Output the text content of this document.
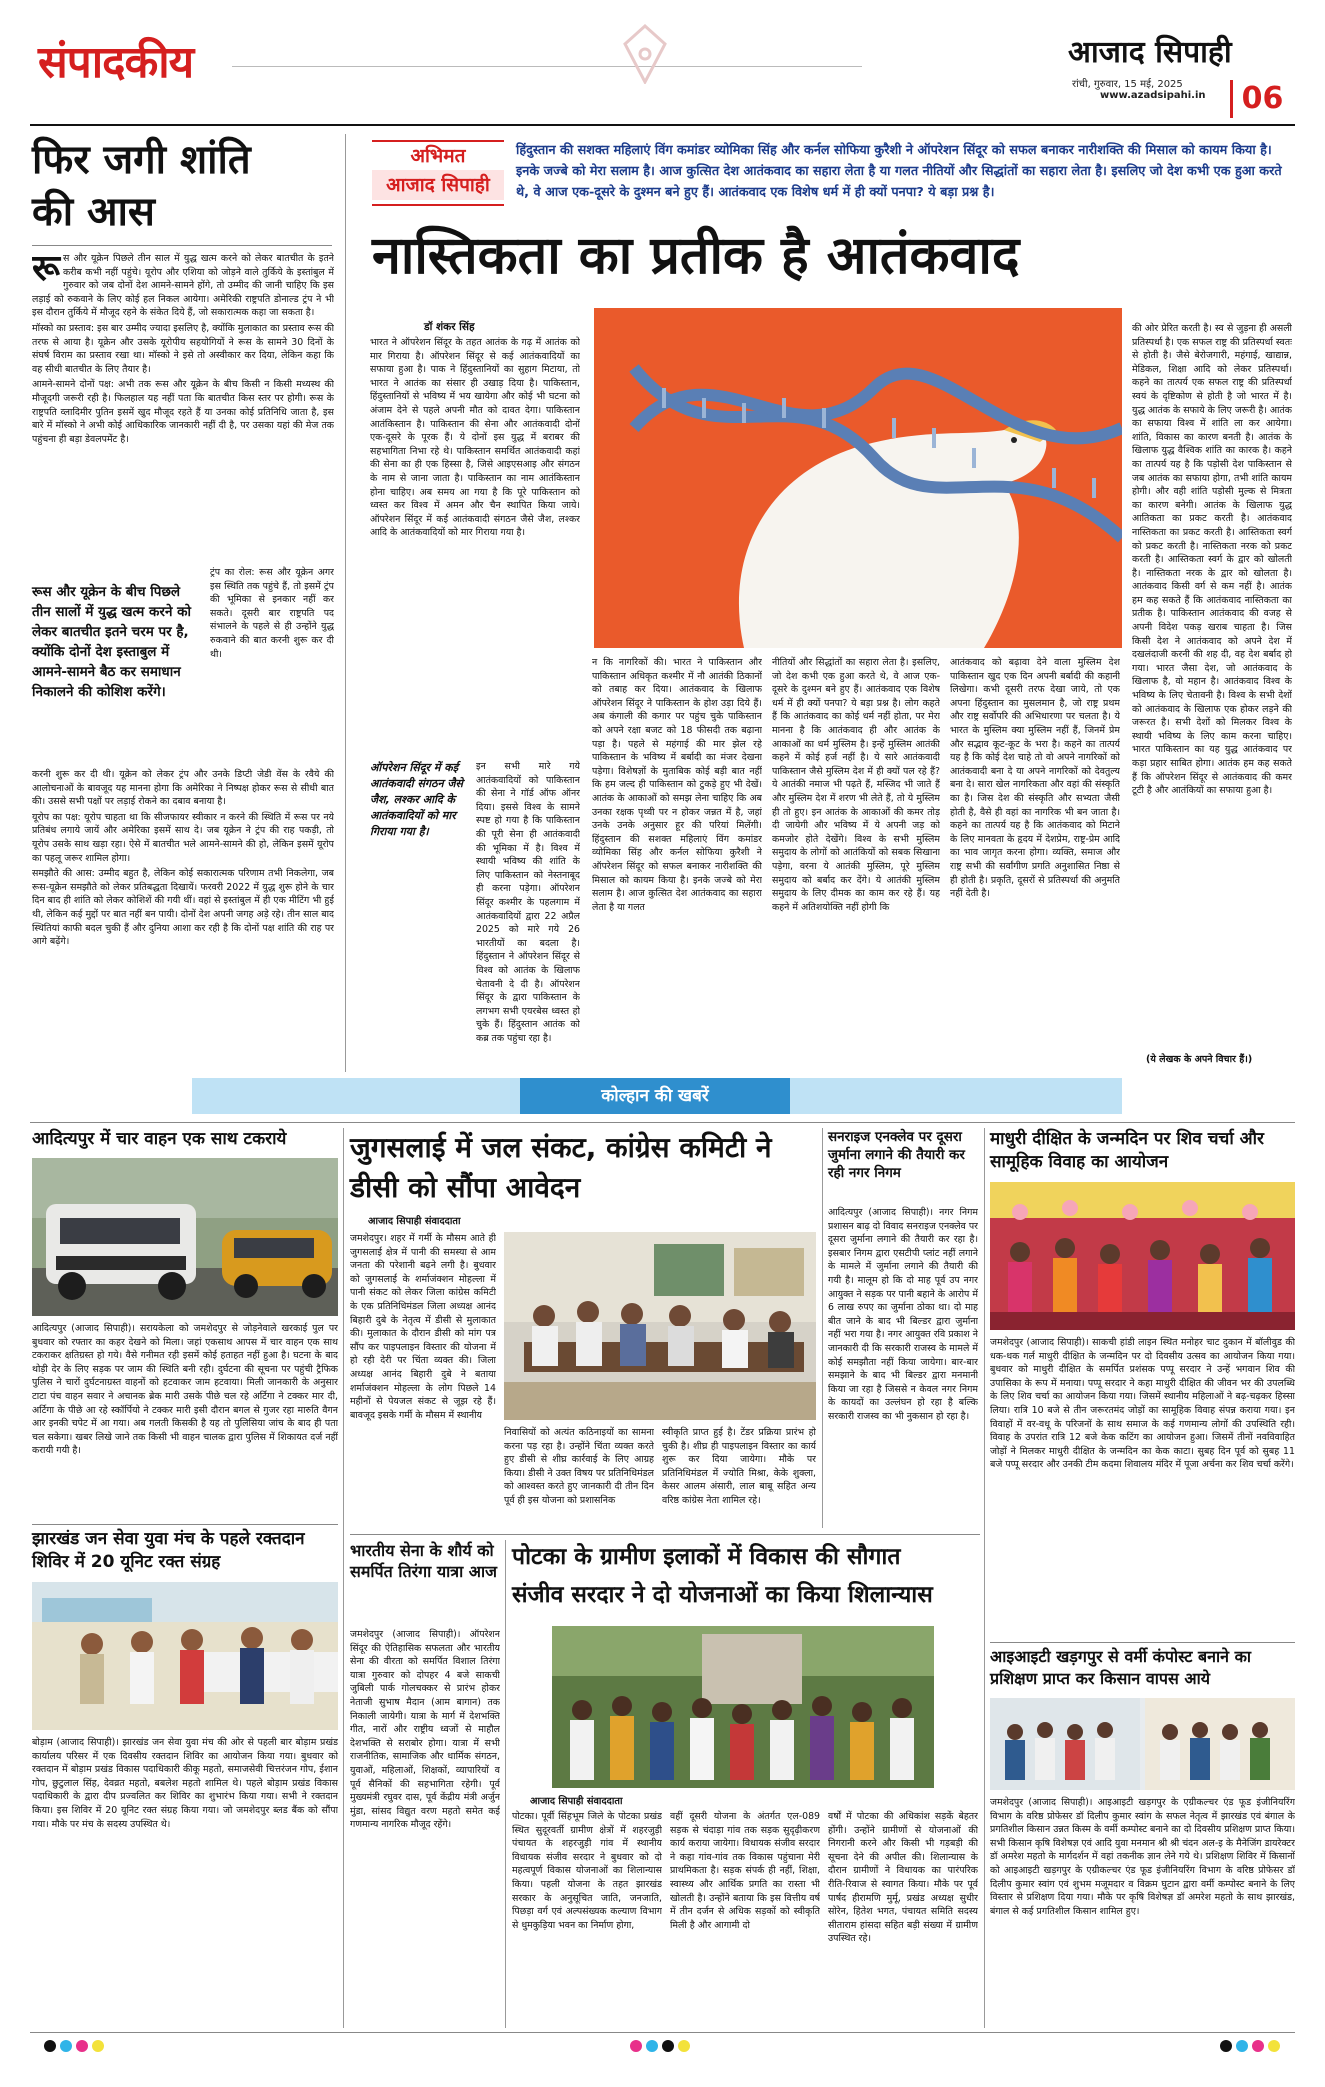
संपादकीय	आजाद सिपाही
रांची, गुरुवार, 15 मई, 2025
www.azadsipahi.in	06
फिर जगी शांति
की आस
रू स और यूक्रेन पिछले तीन साल में युद्ध खत्म करने को लेकर बातचीत के इतने करीब कभी नहीं पहुंचे। यूरोप और एशिया को जोड़ने वाले तुर्किये के इस्तांबुल में गुरुवार को जब दोनों देश आमने-सामने होंगे, तो उम्मीद की जानी चाहिए कि इस लड़ाई को रुकवाने के लिए कोई हल निकल आयेगा। अमेरिकी राष्ट्रपति डोनाल्ड ट्रंप ने भी इस दौरान तुर्किये में मौजूद रहने के संकेत दिये हैं, जो सकारात्मक कहा जा सकता है।

मॉस्को का प्रस्ताव: इस बार उम्मीद ज्यादा इसलिए है, क्योंकि मुलाकात का प्रस्ताव रूस की तरफ से आया है। यूक्रेन और उसके यूरोपीय सहयोगियों ने रूस के सामने 30 दिनों के संघर्ष विराम का प्रस्ताव रखा था। मॉस्को ने इसे तो अस्वीकार कर दिया, लेकिन कहा कि वह सीधी बातचीत के लिए तैयार है।

आमने-सामने दोनों पक्ष: अभी तक रूस और यूक्रेन के बीच किसी न किसी मध्यस्थ की मौजूदगी जरूरी रही है। फिलहाल यह नहीं पता कि बातचीत किस स्तर पर होगी। रूस के राष्ट्रपति व्लादिमीर पुतिन इसमें खुद मौजूद रहते हैं या उनका कोई प्रतिनिधि जाता है, इस बारे में मॉस्को ने अभी कोई आधिकारिक जानकारी नहीं दी है, पर उसका यहां की मेज तक पहुंचना ही बड़ा डेवलपमेंट है।

रूस और यूक्रेन के बीच पिछले तीन सालों में युद्ध खत्म करने को लेकर बातचीत इतने चरम पर है, क्योंकि दोनों देश इस्ताबुल में आमने-सामने बैठ कर समाधान निकालने की कोशिश करेंगे।

ट्रंप का रोल: रूस और यूक्रेन अगर इस स्थिति तक पहुंचे हैं, तो इसमें ट्रंप की भूमिका से इनकार नहीं कर सकते। दूसरी बार राष्ट्रपति पद संभालने के पहले से ही उन्होंने युद्ध रुकवाने की बात करनी शुरू कर दी थी।

करनी शुरू कर दी थी। यूक्रेन को लेकर ट्रंप और उनके डिप्टी जेडी वेंस के रवैये की आलोचनाओं के बावजूद यह मानना होगा कि अमेरिका ने निष्पक्ष होकर रूस से सीधी बात की। उससे सभी पक्षों पर लड़ाई रोकने का दबाव बनाया है।

यूरोप का पक्ष: यूरोप चाहता था कि सीजफायर स्वीकार न करने की स्थिति में रूस पर नये प्रतिबंध लगाये जायें और अमेरिका इसमें साथ दे। जब यूक्रेन ने ट्रंप की राह पकड़ी, तो यूरोप उसके साथ खड़ा रहा। ऐसे में बातचीत भले आमने-सामने की हो, लेकिन इसमें यूरोप का पहलू जरूर शामिल होगा।

समझौते की आस: उम्मीद बहुत है, लेकिन कोई सकारात्मक परिणाम तभी निकलेगा, जब रूस-यूक्रेन समझौते को लेकर प्रतिबद्धता दिखायें। फरवरी 2022 में युद्ध शुरू होने के चार दिन बाद ही शांति को लेकर कोशिशें की गयी थीं। वहां से इस्तांबुल में ही एक मीटिंग भी हुई थी, लेकिन कई मुद्दों पर बात नहीं बन पायी। दोनों देश अपनी जगह अड़े रहे। तीन साल बाद स्थितियां काफी बदल चुकी हैं और दुनिया आशा कर रही है कि दोनों पक्ष शांति की राह पर आगे बढ़ेंगे।

अभिमत
आजाद सिपाही
हिंदुस्तान की सशक्त महिलाएं विंग कमांडर व्योमिका सिंह और कर्नल सोफिया कुरैशी ने ऑपरेशन सिंदूर को सफल बनाकर नारीशक्ति की मिसाल को कायम किया है। इनके जज्बे को मेरा सलाम है। आज कुत्सित देश आतंकवाद का सहारा लेता है या गलत नीतियों और सिद्धांतों का सहारा लेता है। इसलिए जो देश कभी एक हुआ करते थे, वे आज एक-दूसरे के दुश्मन बने हुए हैं। आतंकवाद एक विशेष धर्म में ही क्यों पनपा? ये बड़ा प्रश्न है।
नास्तिकता का प्रतीक है आतंकवाद
डॉ शंकर सिंह

भारत ने ऑपरेशन सिंदूर के तहत आतंक के गढ़ में आतंक को मार गिराया है। ऑपरेशन सिंदूर से कई आतंकवादियों का सफाया हुआ है। पाक ने हिंदुस्तानियों का सुहाग मिटाया, तो भारत ने आतंक का संसार ही उखाड़ दिया है। पाकिस्तान, हिंदुस्तानियों से भविष्य में भय खायेगा और कोई भी घटना को अंजाम देने से पहले अपनी मौत को दावत देगा। पाकिस्तान आतंकिस्तान है। पाकिस्तान की सेना और आतंकवादी दोनों एक-दूसरे के पूरक हैं। ये दोनों इस युद्ध में बराबर की सहभागिता निभा रहे थे। पाकिस्तान समर्थित आतंकवादी कहां की सेना का ही एक हिस्सा है, जिसे आइएसआइ और संगठन के नाम से जाना जाता है। पाकिस्तान का नाम आतंकिस्तान होना चाहिए। अब समय आ गया है कि पूरे पाकिस्तान को ध्वस्त कर विश्व में अमन और चैन स्थापित किया जाये। ऑपरेशन सिंदूर में कई आतंकवादी संगठन जैसे जैश, लश्कर आदि के आतंकवादियों को मार गिराया गया है।

ऑपरेशन सिंदूर में कई आतंकवादी संगठन जैसे जैश, लश्कर आदि के आतंकवादियों को मार गिराया गया है।

इन सभी मारे गये आतंकवादियों को पाकिस्तान की सेना ने गॉर्ड ऑफ ऑनर दिया। इससे विश्व के सामने स्पष्ट हो गया है कि पाकिस्तान की पूरी सेना ही आतंकवादी की भूमिका में है। विश्व में स्थायी भविष्य की शांति के लिए पाकिस्तान को नेस्तनाबूद ही करना पड़ेगा। ऑपरेशन सिंदूर कश्मीर के पहलगाम में आतंकवादियों द्वारा 22 अप्रैल 2025 को मारे गये 26 भारतीयों का बदला है। हिंदुस्तान ने ऑपरेशन सिंदूर से विश्व को आतंक के खिलाफ चेतावनी दे दी है। ऑपरेशन सिंदूर के द्वारा पाकिस्तान के लगभग सभी एयरबेस ध्वस्त हो चुके हैं। हिंदुस्तान आतंक को कब्र तक पहुंचा रहा है।

न कि नागरिकों की। भारत ने पाकिस्तान और पाकिस्तान अधिकृत कश्मीर में नौ आतंकी ठिकानों को तबाह कर दिया। आतंकवाद के खिलाफ ऑपरेशन सिंदूर ने पाकिस्तान के होश उड़ा दिये हैं। अब कंगाली की कगार पर पहुंच चुके पाकिस्तान को अपने रक्षा बजट को 18 फीसदी तक बढ़ाना पड़ा है। पहले से महंगाई की मार झेल रहे पाकिस्तान के भविष्य में बर्बादी का मंजर देखना पड़ेगा। विशेषज्ञों के मुताबिक कोई बड़ी बात नहीं कि हम जल्द ही पाकिस्तान को टुकड़े हुए भी देखें। आतंक के आकाओं को समझ लेना चाहिए कि अब उनका रक्षक पृथ्वी पर न होकर जन्नत में है, जहां उनके उनके अनुसार हूर की परियां मिलेंगी। हिंदुस्तान की सशक्त महिलाएं विंग कमांडर व्योमिका सिंह और कर्नल सोफिया कुरैशी ने ऑपरेशन सिंदूर को सफल बनाकर नारीशक्ति की मिसाल को कायम किया है। इनके जज्बे को मेरा सलाम है। आज कुत्सित देश आतंकवाद का सहारा लेता है या गलत

नीतियों और सिद्धांतों का सहारा लेता है। इसलिए, जो देश कभी एक हुआ करते थे, वे आज एक-दूसरे के दुश्मन बने हुए हैं। आतंकवाद एक विशेष धर्म में ही क्यों पनपा? ये बड़ा प्रश्न है। लोग कहते हैं कि आतंकवाद का कोई धर्म नहीं होता, पर मेरा मानना है कि आतंकवाद ही और आतंक के आकाओं का धर्म मुस्लिम है। इन्हें मुस्लिम आतंकी कहने में कोई हर्ज नहीं है। ये सारे आतंकवादी पाकिस्तान जैसे मुस्लिम देश में ही क्यों पल रहे हैं? ये आतंकी नमाज भी पढ़ते हैं, मस्जिद भी जाते हैं और मुस्लिम देश में शरण भी लेते हैं, तो ये मुस्लिम ही तो हुए। इन आतंक के आकाओं की कमर तोड़ दी जायेगी और भविष्य में ये अपनी जड़ को कमजोर होते देखेंगे। विश्व के सभी मुस्लिम समुदाय के लोगों को आतंकियों को सबक सिखाना पड़ेगा, वरना ये आतंकी मुस्लिम, पूरे मुस्लिम समुदाय को बर्बाद कर देंगे। ये आतंकी मुस्लिम समुदाय के लिए दीमक का काम कर रहे हैं। यह कहने में अतिशयोक्ति नहीं होगी कि

आतंकवाद को बढ़ावा देने वाला मुस्लिम देश पाकिस्तान खुद एक दिन अपनी बर्बादी की कहानी लिखेगा। कभी दूसरी तरफ देखा जाये, तो एक अपना हिंदुस्तान का मुसलमान है, जो राष्ट्र प्रथम और राष्ट्र सर्वोपरि की अभिधारणा पर चलता है। ये भारत के मुस्लिम क्या मुस्लिम नहीं हैं, जिनमें प्रेम और सद्भाव कूट-कूट के भरा है। कहने का तात्पर्य यह है कि कोई देश चाहे तो वो अपने नागरिकों को आतंकवादी बना दे या अपने नागरिकों को देवतुल्य बना दे। सारा खेल नागरिकता और वहां की संस्कृति का है। जिस देश की संस्कृति और सभ्यता जैसी होती है, वैसे ही वहां का नागरिक भी बन जाता है। कहने का तात्पर्य यह है कि आतंकवाद को मिटाने के लिए मानवता के हृदय में देशप्रेम, राष्ट्र-प्रेम आदि का भाव जागृत करना होगा। व्यक्ति, समाज और राष्ट्र सभी की सर्वांगीण प्रगति अनुशासित निष्ठा से ही होती है। प्रकृति, दूसरों से प्रतिस्पर्धा की अनुमति नहीं देती है।

की ओर प्रेरित करती है। स्व से जुड़ना ही असली प्रतिस्पर्धा है। एक सफल राष्ट्र की प्रतिस्पर्धा स्वतः से होती है। जैसे बेरोजगारी, महंगाई, खाद्यान्न, मेडिकल, शिक्षा आदि को लेकर प्रतिस्पर्धा। कहने का तात्पर्य एक सफल राष्ट्र की प्रतिस्पर्धा स्वयं के दृष्टिकोण से होती है जो भारत में है। युद्ध आतंक के सफाये के लिए जरूरी है। आतंक का सफाया विश्व में शांति ला कर आयेगा। शांति, विकास का कारण बनती है। आतंक के खिलाफ युद्ध वैश्विक शांति का कारक है। कहने का तात्पर्य यह है कि पड़ोसी देश पाकिस्तान से जब आतंक का सफाया होगा, तभी शांति कायम होगी। और वही शांति पड़ोसी मुल्क से मित्रता का कारण बनेगी। आतंक के खिलाफ युद्ध आतिकता का प्रकट करती है। आतंकवाद नास्तिकता का प्रकट करती है। आस्तिकता स्वर्ग को प्रकट करती है। नास्तिकता नरक को प्रकट करती है। आस्तिकता स्वर्ग के द्वार को खोलती है। नास्तिकता नरक के द्वार को खोलता है। आतंकवाद किसी वर्ग से कम नहीं है। आतंक हम कह सकते हैं कि आतंकवाद नास्तिकता का प्रतीक है। पाकिस्तान आतंकवाद की वजह से अपनी विदेश पकड़ खराब चाहता है। जिस किसी देश ने आतंकवाद को अपने देश में दखलंदाजी करनी की शह दी, वह देश बर्बाद हो गया। भारत जैसा देश, जो आतंकवाद के खिलाफ है, वो महान है। आतंकवाद विश्व के भविष्य के लिए चेतावनी है। विश्व के सभी देशों को आतंकवाद के खिलाफ एक होकर लड़ने की जरूरत है। सभी देशों को मिलकर विश्व के स्थायी भविष्य के लिए काम करना चाहिए। भारत पाकिस्तान का यह युद्ध आतंकवाद पर कड़ा प्रहार साबित होगा। आतंक हम कह सकते हैं कि ऑपरेशन सिंदूर से आतंकवाद की कमर टूटी है और आतंकियों का सफाया हुआ है।

(ये लेखक के अपने विचार हैं।)
कोल्हान की खबरें
आदित्यपुर में चार वाहन एक साथ टकराये

आदित्यपुर (आजाद सिपाही)। सरायकेला को जमशेदपुर से जोड़नेवाले खरकाई पुल पर बुधवार को रफ्तार का कहर देखने को मिला। जहां एकसाथ आपस में चार वाहन एक साथ टकराकर क्षतिग्रस्त हो गये। वैसे गनीमत रही इसमें कोई हताहत नहीं हुआ है। घटना के बाद थोड़ी देर के लिए सड़क पर जाम की स्थिति बनी रही। दुर्घटना की सूचना पर पहुंची ट्रैफिक पुलिस ने चारों दुर्घटनाग्रस्त वाहनों को हटवाकर जाम हटवाया। मिली जानकारी के अनुसार टाटा पंच वाहन सवार ने अचानक ब्रेक मारी उसके पीछे चल रहे अर्टिगा ने टक्कर मार दी, अर्टिगा के पीछे आ रहे स्कॉर्पियो ने टक्कर मारी इसी दौरान बगल से गुजर रहा मारुति वैगन आर इनकी चपेट में आ गया। अब गलती किसकी है यह तो पुलिसिया जांच के बाद ही पता चल सकेगा। खबर लिखे जाने तक किसी भी वाहन चालक द्वारा पुलिस में शिकायत दर्ज नहीं करायी गयी है।

झारखंड जन सेवा युवा मंच के पहले रक्तदान शिविर में 20 यूनिट रक्त संग्रह

बोड़ाम (आजाद सिपाही)। झारखंड जन सेवा युवा मंच की ओर से पहली बार बोड़ाम प्रखंड कार्यालय परिसर में एक दिवसीय रक्तदान शिविर का आयोजन किया गया। बुधवार को रक्तदान में बोड़ाम प्रखंड विकास पदाधिकारी कीकू महतो, समाजसेवी चित्तरंजन गोप, ईशान गोप, छुटुलाल सिंह, देवव्रत महतो, बबलेश महतो शामिल थे। पहले बोड़ाम प्रखंड विकास पदाधिकारी के द्वारा दीप प्रज्वलित कर शिविर का शुभारंभ किया गया। सभी ने रक्तदान किया। इस शिविर में 20 यूनिट रक्त संग्रह किया गया। जो जमशेदपुर ब्लड बैंक को सौंपा गया। मौके पर मंच के सदस्य उपस्थित थे।

जुगसलाई में जल संकट, कांग्रेस कमिटी ने डीसी को सौंपा आवेदन
आजाद सिपाही संवाददाता

जमशेदपुर। शहर में गर्मी के मौसम आते ही जुगसलाई क्षेत्र में पानी की समस्या से आम जनता की परेशानी बढ़ने लगी है। बुधवार को जुगसलाई के शर्माजंक्शन मोहल्ला में पानी संकट को लेकर जिला कांग्रेस कमिटी के एक प्रतिनिधिमंडल जिला अध्यक्ष आनंद बिहारी दुबे के नेतृत्व में डीसी से मुलाकात की। मुलाकात के दौरान डीसी को मांग पत्र सौंप कर पाइपलाइन विस्तार की योजना में हो रही देरी पर चिंता व्यक्त की। जिला अध्यक्ष आनंद बिहारी दुबे ने बताया शर्माजंक्शन मोहल्ला के लोग पिछले 14 महीनों से पेयजल संकट से जूझ रहे हैं। बावजूद इसके गर्मी के मौसम में स्थानीय

निवासियों को अत्यंत कठिनाइयों का सामना करना पड़ रहा है। उन्होंने चिंता व्यक्त करते हुए डीसी से शीघ्र कार्रवाई के लिए आग्रह किया। डीसी ने उक्त विषय पर प्रतिनिधिमंडल को आश्वस्त करते हुए जानकारी दी तीन दिन पूर्व ही इस योजना को प्रशासनिक

स्वीकृति प्राप्त हुई है। टेंडर प्रक्रिया प्रारंभ हो चुकी है। शीघ्र ही पाइपलाइन विस्तार का कार्य शुरू कर दिया जायेगा। मौके पर प्रतिनिधिमंडल में ज्योति मिश्रा, केके शुक्ला, केसर आलम अंसारी, लाल बाबू सहित अन्य वरिष्ठ कांग्रेस नेता शामिल रहे।

सनराइज एनक्लेव पर दूसरा जुर्माना लगाने की तैयारी कर रही नगर निगम

आदित्यपुर (आजाद सिपाही)। नगर निगम प्रशासन बाढ़ दो विवाद सनराइज एनक्लेव पर दूसरा जुर्माना लगाने की तैयारी कर रहा है। इसबार निगम द्वारा एसटीपी प्लांट नहीं लगाने के मामले में जुर्माना लगाने की तैयारी की गयी है। मालूम हो कि दो माह पूर्व उप नगर आयुक्त ने सड़क पर पानी बहाने के आरोप में 6 लाख रुपए का जुर्माना ठोका था। दो माह बीत जाने के बाद भी बिल्डर द्वारा जुर्माना नहीं भरा गया है। नगर आयुक्त रवि प्रकाश ने जानकारी दी कि सरकारी राजस्व के मामले में कोई समझौता नहीं किया जायेगा। बार-बार समझाने के बाद भी बिल्डर द्वारा मनमानी किया जा रहा है जिससे न केवल नगर निगम के कायदों का उल्लंघन हो रहा है बल्कि सरकारी राजस्व का भी नुकसान हो रहा है।

माधुरी दीक्षित के जन्मदिन पर शिव चर्चा और सामूहिक विवाह का आयोजन

जमशेदपुर (आजाद सिपाही)। साकची हांडी लाइन स्थित मनोहर चाट दुकान में बॉलीवुड की धक-धक गर्ल माधुरी दीक्षित के जन्मदिन पर दो दिवसीय उत्सव का आयोजन किया गया। बुधवार को माधुरी दीक्षित के समर्पित प्रशंसक पप्पू सरदार ने उन्हें भगवान शिव की उपासिका के रूप में मनाया। पप्पू सरदार ने कहा माधुरी दीक्षित की जीवन भर की उपलब्धि के लिए शिव चर्चा का आयोजन किया गया। जिसमें स्थानीय महिलाओं ने बढ़-चढ़कर हिस्सा लिया। रात्रि 10 बजे से तीन जरूरतमंद जोड़ों का सामूहिक विवाह संपन्न कराया गया। इन विवाहों में वर-वधू के परिजनों के साथ समाज के कई गणमान्य लोगों की उपस्थिति रही। विवाह के उपरांत रात्रि 12 बजे केक कटिंग का आयोजन हुआ। जिसमें तीनों नवविवाहित जोड़ों ने मिलकर माधुरी दीक्षित के जन्मदिन का केक काटा। सुबह दिन पूर्व को सुबह 11 बजे पप्पू सरदार और उनकी टीम कदमा शिवालय मंदिर में पूजा अर्चना कर शिव चर्चा करेंगे।

भारतीय सेना के शौर्य को समर्पित तिरंगा यात्रा आज

जमशेदपुर (आजाद सिपाही)। ऑपरेशन सिंदूर की ऐतिहासिक सफलता और भारतीय सेना की वीरता को समर्पित विशाल तिरंगा यात्रा गुरुवार को दोपहर 4 बजे साकची जुबिली पार्क गोलचक्कर से प्रारंभ होकर नेताजी सुभाष मैदान (आम बागान) तक निकाली जायेगी। यात्रा के मार्ग में देशभक्ति गीत, नारों और राष्ट्रीय ध्वजों से माहौल देशभक्ति से सराबोर होगा। यात्रा में सभी राजनीतिक, सामाजिक और धार्मिक संगठन, युवाओं, महिलाओं, शिक्षकों, व्यापारियों व पूर्व सैनिकों की सहभागिता रहेगी। पूर्व मुख्यमंत्री रघुवर दास, पूर्व केंद्रीय मंत्री अर्जुन मुंडा, सांसद विद्युत वरण महतो समेत कई गणमान्य नागरिक मौजूद रहेंगे।

पोटका के ग्रामीण इलाकों में विकास की सौगात
संजीव सरदार ने दो योजनाओं का किया शिलान्यास
आजाद सिपाही संवाददाता

पोटका। पूर्वी सिंहभूम जिले के पोटका प्रखंड स्थित सुदूरवर्ती ग्रामीण क्षेत्रों में शहरजुड़ी पंचायत के शहरजुड़ी गांव में स्थानीय विधायक संजीव सरदार ने बुधवार को दो महत्वपूर्ण विकास योजनाओं का शिलान्यास किया। पहली योजना के तहत झारखंड सरकार के अनुसूचित जाति, जनजाति, पिछड़ा वर्ग एवं अल्पसंख्यक कल्याण विभाग से धुमकुड़िया भवन का निर्माण होगा,

वहीं दूसरी योजना के अंतर्गत एल-089 सड़क से चंदाड़ा गांव तक सड़क सुदृढ़ीकरण कार्य कराया जायेगा। विधायक संजीव सरदार ने कहा गांव-गांव तक विकास पहुंचाना मेरी प्राथमिकता है। सड़क संपर्क ही नहीं, शिक्षा, स्वास्थ्य और आर्थिक प्रगति का रास्ता भी खोलती है। उन्होंने बताया कि इस वित्तीय वर्ष में तीन दर्जन से अधिक सड़कों को स्वीकृति मिली है और आगामी दो

वर्षों में पोटका की अधिकांश सड़कें बेहतर होंगी। उन्होंने ग्रामीणों से योजनाओं की निगरानी करने और किसी भी गड़बड़ी की सूचना देने की अपील की। शिलान्यास के दौरान ग्रामीणों ने विधायक का पारंपरिक रीति-रिवाज से स्वागत किया। मौके पर पूर्व पार्षद हीरामणि मुर्मू, प्रखंड अध्यक्ष सुधीर सोरेन, हितेश भगत, पंचायत समिति सदस्य सीताराम हांसदा सहित बड़ी संख्या में ग्रामीण उपस्थित रहे।

आइआइटी खड़गपुर से वर्मी कंपोस्ट बनाने का प्रशिक्षण प्राप्त कर किसान वापस आये

जमशेदपुर (आजाद सिपाही)। आइआइटी खड़गपुर के एग्रीकल्चर एंड फूड इंजीनियरिंग विभाग के वरिष्ठ प्रोफेसर डॉ दिलीप कुमार स्वांग के सफल नेतृत्व में झारखंड एवं बंगाल के प्रगतिशील किसान उन्नत किस्म के वर्मी कम्पोस्ट बनाने का दो दिवसीय प्रशिक्षण प्राप्त किया। सभी किसान कृषि विशेषज्ञ एवं आदि युवा मनमान श्री श्री चंदन अल-इ के मैनेजिंग डायरेक्टर डॉ अमरेश महतो के मार्गदर्शन में वहां तकनीक ज्ञान लेने गये थे। प्रशिक्षण शिविर में किसानों को आइआइटी खड़गपुर के एग्रीकल्चर एंड फूड इंजीनियरिंग विभाग के वरिष्ठ प्रोफेसर डॉ दिलीप कुमार स्वांग एवं शुभम मजूमदार व विक्रम घुटान द्वारा वर्मी कम्पोस्ट बनाने के लिए विस्तार से प्रशिक्षण दिया गया। मौके पर कृषि विशेषज्ञ डॉ अमरेश महतो के साथ झारखंड, बंगाल से कई प्रगतिशील किसान शामिल हुए।
